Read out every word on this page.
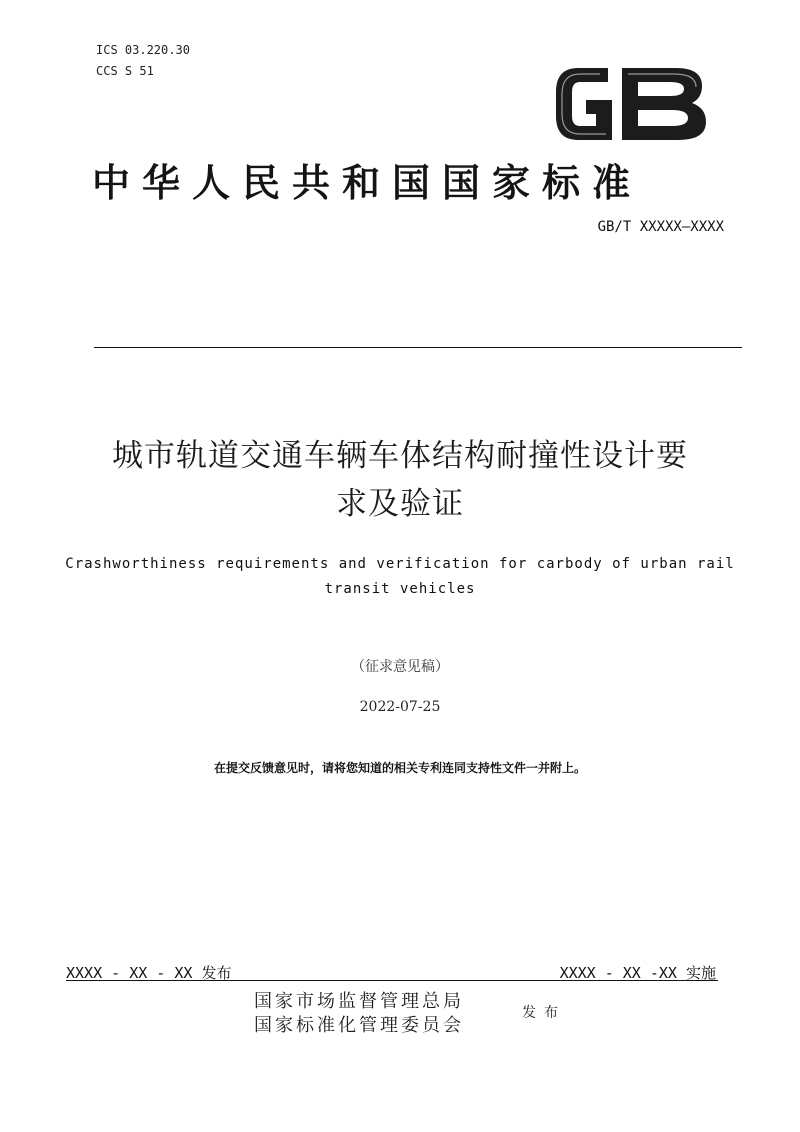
ICS 03.220.30
CCS S 51
中华人民共和国国家标准
GB/T XXXXX—XXXX
城市轨道交通车辆车体结构耐撞性设计要
求及验证
Crashworthiness requirements and verification for carbody of urban rail
transit vehicles
（征求意见稿）
2022-07-25
在提交反馈意见时，请将您知道的相关专利连同支持性文件一并附上。
XXXX - XX - XX 发布	XXXX - XX -XX 实施
国家市场监督管理总局
国家标准化管理委员会
发布
